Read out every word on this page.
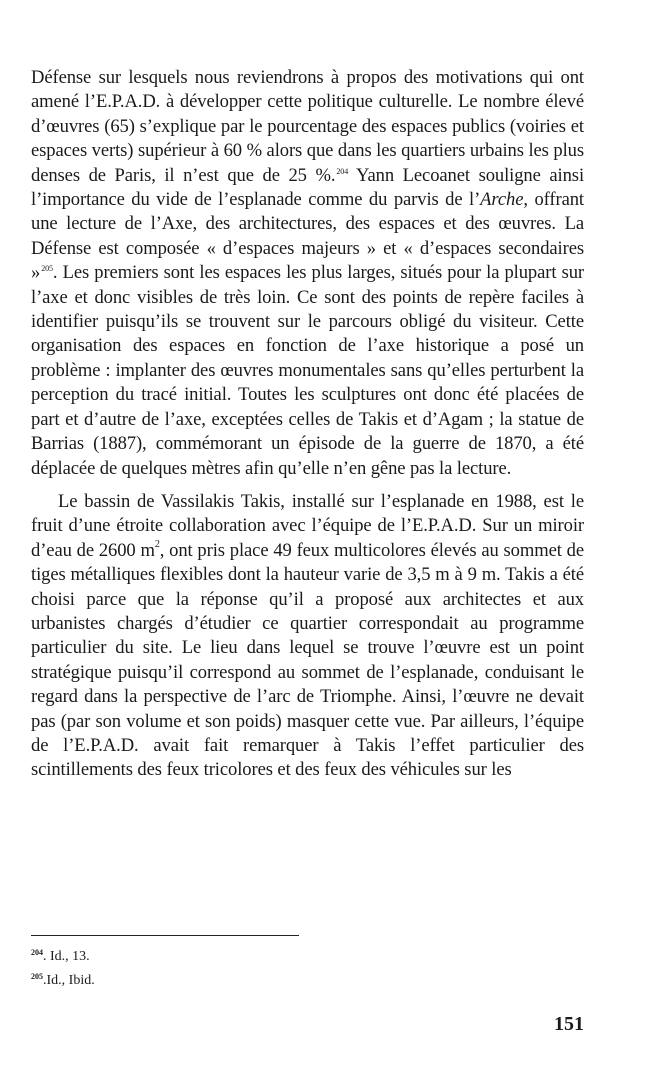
Défense sur lesquels nous reviendrons à propos des motivations qui ont amené l’E.P.A.D. à développer cette politique culturelle. Le nombre élevé d’œuvres (65) s’explique par le pourcentage des espaces publics (voiries et espaces verts) supérieur à 60 % alors que dans les quartiers urbains les plus denses de Paris, il n’est que de 25 %.$^{204}$ Yann Lecoanet souligne ainsi l’importance du vide de l’esplanade comme du parvis de l’Arche, offrant une lecture de l’Axe, des architectures, des espaces et des œuvres. La Défense est composée « d’espaces majeurs » et « d’espaces secondaires »$^{205}$. Les premiers sont les espaces les plus larges, situés pour la plupart sur l’axe et donc visibles de très loin. Ce sont des points de repère faciles à identifier puisqu’ils se trouvent sur le parcours obligé du visiteur. Cette organisation des espaces en fonction de l’axe historique a posé un problème : implanter des œuvres monumentales sans qu’elles perturbent la perception du tracé initial. Toutes les sculptures ont donc été placées de part et d’autre de l’axe, exceptées celles de Takis et d’Agam ; la statue de Barrias (1887), commémorant un épisode de la guerre de 1870, a été déplacée de quelques mètres afin qu’elle n’en gêne pas la lecture.

Le bassin de Vassilakis Takis, installé sur l’esplanade en 1988, est le fruit d’une étroite collaboration avec l’équipe de l’E.P.A.D. Sur un miroir d’eau de 2600 $m^2$, ont pris place 49 feux multicolores élevés au sommet de tiges métalliques flexibles dont la hauteur varie de 3,5 m à 9 m. Takis a été choisi parce que la réponse qu’il a proposé aux architectes et aux urbanistes chargés d’étudier ce quartier correspondait au programme particulier du site. Le lieu dans lequel se trouve l’œuvre est un point stratégique puisqu’il correspond au sommet de l’esplanade, conduisant le regard dans la perspective de l’arc de Triomphe. Ainsi, l’œuvre ne devait pas (par son volume et son poids) masquer cette vue. Par ailleurs, l’équipe de l’E.P.A.D. avait fait remarquer à Takis l’effet particulier des scintillements des feux tricolores et des feux des véhicules sur les

$^{204}$. Id., 13.

$^{205}$.Id., Ibid.

151
